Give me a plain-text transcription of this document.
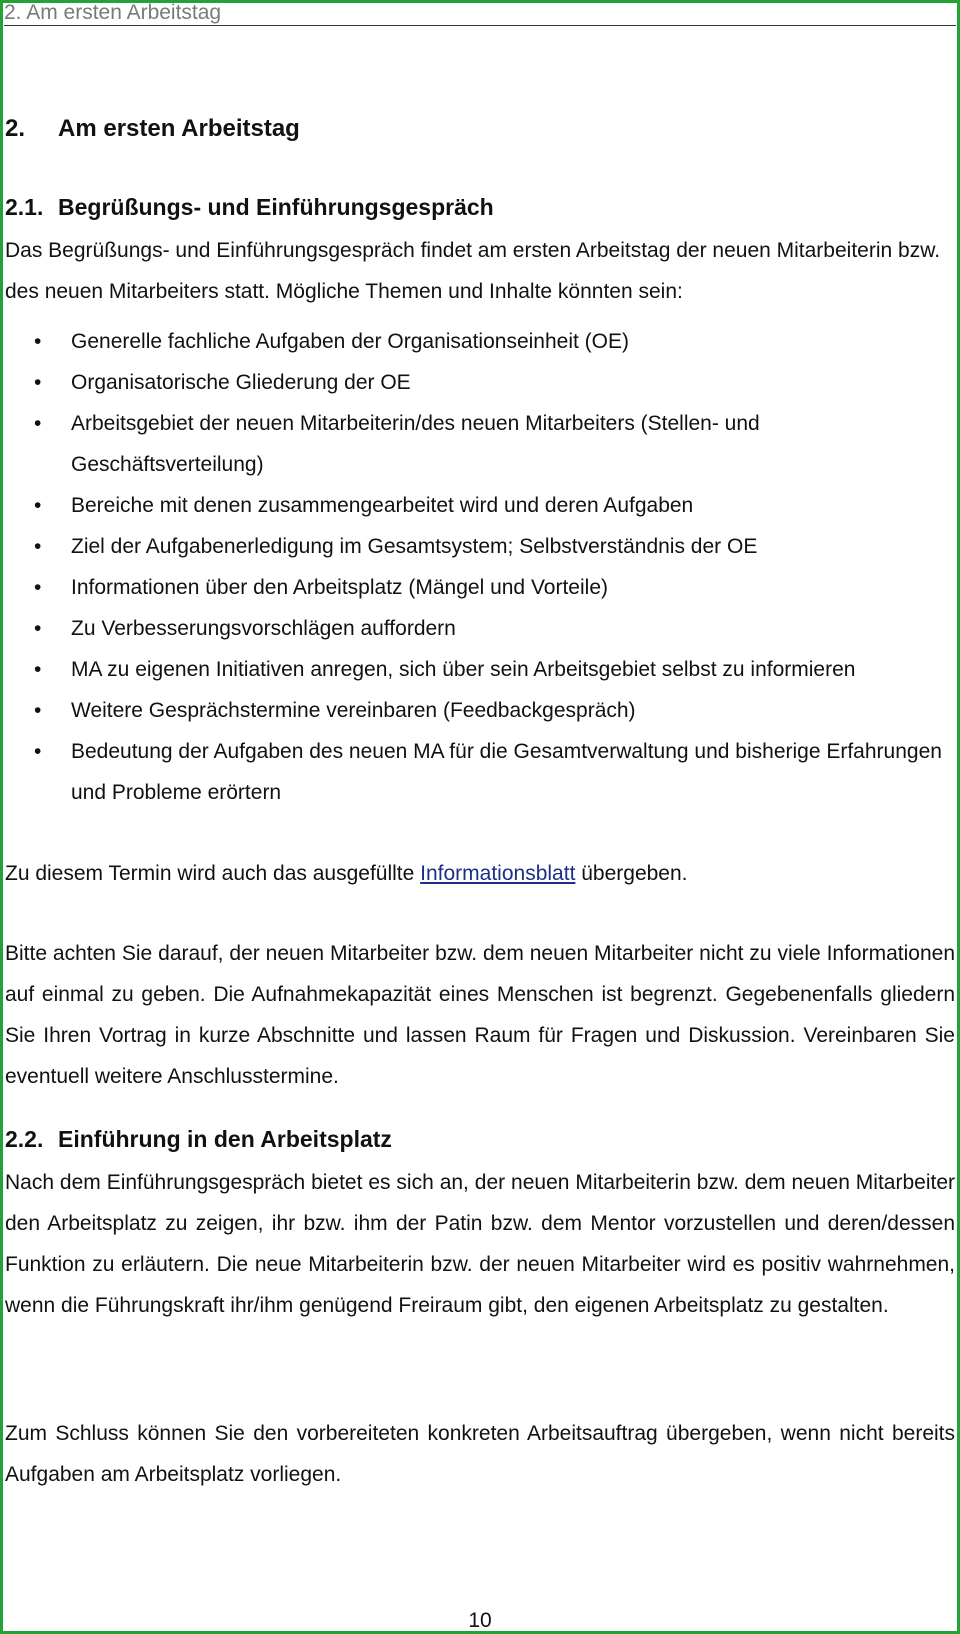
2. Am ersten Arbeitstag
2. Am ersten Arbeitstag
2.1. Begrüßungs- und Einführungsgespräch

Das Begrüßungs- und Einführungsgespräch findet am ersten Arbeitstag der neuen Mitarbeiterin bzw. des neuen Mitarbeiters statt. Mögliche Themen und Inhalte könnten sein:

• Generelle fachliche Aufgaben der Organisationseinheit (OE)
• Organisatorische Gliederung der OE
• Arbeitsgebiet der neuen Mitarbeiterin/des neuen Mitarbeiters (Stellen- und Geschäftsverteilung)
• Bereiche mit denen zusammengearbeitet wird und deren Aufgaben
• Ziel der Aufgabenerledigung im Gesamtsystem; Selbstverständnis der OE
• Informationen über den Arbeitsplatz (Mängel und Vorteile)
• Zu Verbesserungsvorschlägen auffordern
• MA zu eigenen Initiativen anregen, sich über sein Arbeitsgebiet selbst zu informieren
• Weitere Gesprächstermine vereinbaren (Feedbackgespräch)
• Bedeutung der Aufgaben des neuen MA für die Gesamtverwaltung und bisherige Erfahrungen und Probleme erörtern

Zu diesem Termin wird auch das ausgefüllte Informationsblatt übergeben.

Bitte achten Sie darauf, der neuen Mitarbeiter bzw. dem neuen Mitarbeiter nicht zu viele Informationen auf einmal zu geben. Die Aufnahmekapazität eines Menschen ist begrenzt. Gegebenenfalls gliedern Sie Ihren Vortrag in kurze Abschnitte und lassen Raum für Fragen und Diskussion. Vereinbaren Sie eventuell weitere Anschlusstermine.

2.2. Einführung in den Arbeitsplatz

Nach dem Einführungsgespräch bietet es sich an, der neuen Mitarbeiterin bzw. dem neuen Mitarbeiter den Arbeitsplatz zu zeigen, ihr bzw. ihm der Patin bzw. dem Mentor vorzustellen und deren/dessen Funktion zu erläutern. Die neue Mitarbeiterin bzw. der neuen Mitarbeiter wird es positiv wahrnehmen, wenn die Führungskraft ihr/ihm genügend Freiraum gibt, den eigenen Arbeitsplatz zu gestalten.

Zum Schluss können Sie den vorbereiteten konkreten Arbeitsauftrag übergeben, wenn nicht bereits Aufgaben am Arbeitsplatz vorliegen.

10
